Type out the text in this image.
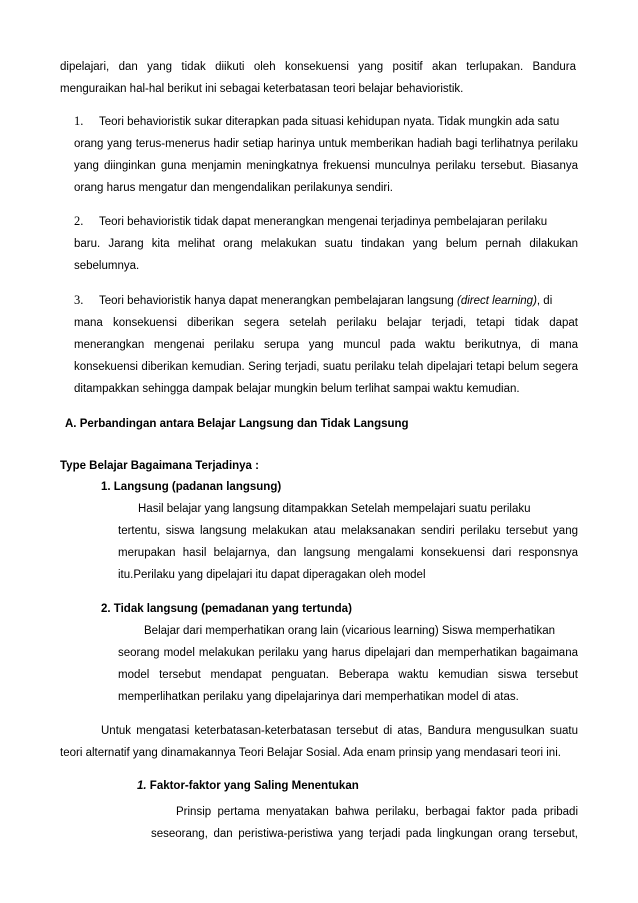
dipelajari, dan yang tidak diikuti oleh konsekuensi yang positif akan terlupakan. Bandura

menguraikan hal-hal berikut ini sebagai keterbatasan teori belajar behavioristik.

1. Teori behavioristik sukar diterapkan pada situasi kehidupan nyata. Tidak mungkin ada satu
orang yang terus-menerus hadir setiap harinya untuk memberikan hadiah bagi terlihatnya perilaku yang diinginkan guna menjamin meningkatnya frekuensi munculnya perilaku tersebut. Biasanya orang harus mengatur dan mengendalikan perilakunya sendiri.

2. Teori behavioristik tidak dapat menerangkan mengenai terjadinya pembelajaran perilaku
baru. Jarang kita melihat orang melakukan suatu tindakan yang belum pernah dilakukan sebelumnya.

3. Teori behavioristik hanya dapat menerangkan pembelajaran langsung (direct learning), di
mana konsekuensi diberikan segera setelah perilaku belajar terjadi, tetapi tidak dapat menerangkan mengenai perilaku serupa yang muncul pada waktu berikutnya, di mana konsekuensi diberikan kemudian. Sering terjadi, suatu perilaku telah dipelajari tetapi belum segera ditampakkan sehingga dampak belajar mungkin belum terlihat sampai waktu kemudian.

A. Perbandingan antara Belajar Langsung dan Tidak Langsung

Type Belajar Bagaimana Terjadinya :

1. Langsung (padanan langsung)

Hasil belajar yang langsung ditampakkan Setelah mempelajari suatu perilaku
tertentu, siswa langsung melakukan atau melaksanakan sendiri perilaku tersebut yang merupakan hasil belajarnya, dan langsung mengalami konsekuensi dari responsnya itu.Perilaku yang dipelajari itu dapat diperagakan oleh model

2. Tidak langsung (pemadanan yang tertunda)

Belajar dari memperhatikan orang lain (vicarious learning) Siswa memperhatikan
seorang model melakukan perilaku yang harus dipelajari dan memperhatikan bagaimana model tersebut mendapat penguatan. Beberapa waktu kemudian siswa tersebut memperlihatkan perilaku yang dipelajarinya dari memperhatikan model di atas.

Untuk mengatasi keterbatasan-keterbatasan tersebut di atas, Bandura mengusulkan suatu

teori alternatif yang dinamakannya Teori Belajar Sosial. Ada enam prinsip yang mendasari teori ini.

1. Faktor-faktor yang Saling Menentukan

Prinsip pertama menyatakan bahwa perilaku, berbagai faktor pada pribadi

seseorang, dan peristiwa-peristiwa yang terjadi pada lingkungan orang tersebut,
